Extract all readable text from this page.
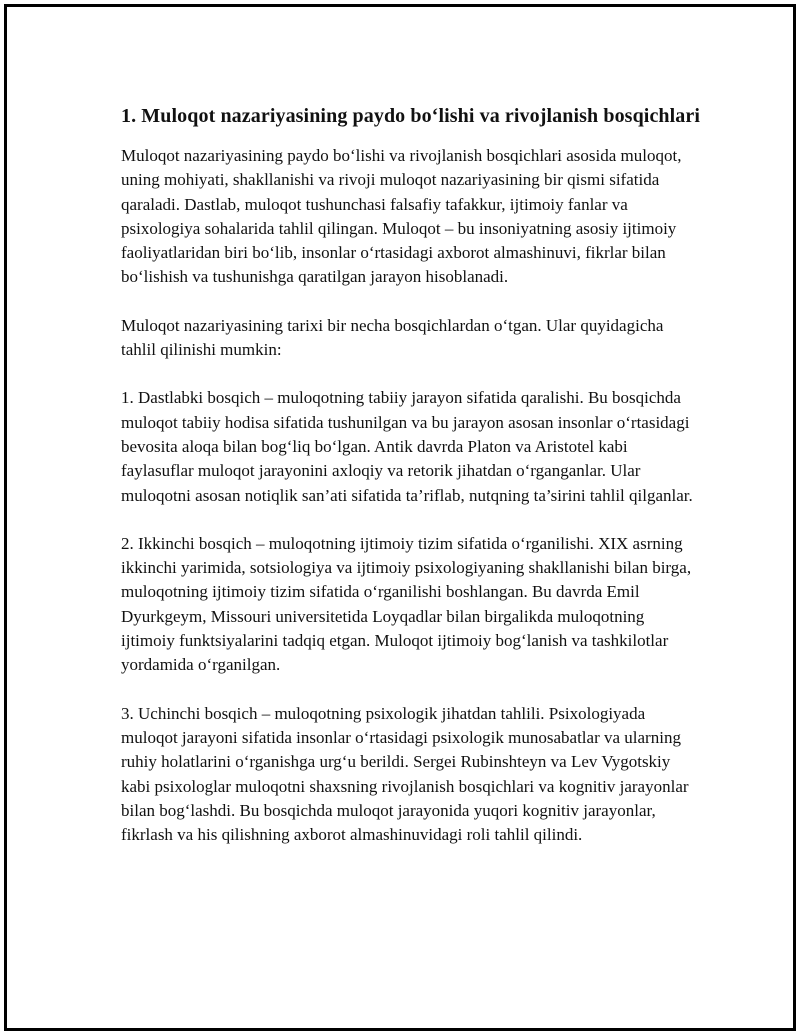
1. Muloqot nazariyasining paydo bo‘lishi va rivojlanish bosqichlari

Muloqot nazariyasining paydo bo‘lishi va rivojlanish bosqichlari asosida muloqot, uning mohiyati, shakllanishi va rivoji muloqot nazariyasining bir qismi sifatida qaraladi. Dastlab, muloqot tushunchasi falsafiy tafakkur, ijtimoiy fanlar va psixologiya sohalarida tahlil qilingan. Muloqot – bu insoniyatning asosiy ijtimoiy faoliyatlaridan biri bo‘lib, insonlar o‘rtasidagi axborot almashinuvi, fikrlar bilan bo‘lishish va tushunishga qaratilgan jarayon hisoblanadi.

Muloqot nazariyasining tarixi bir necha bosqichlardan o‘tgan. Ular quyidagicha tahlil qilinishi mumkin:

1. Dastlabki bosqich – muloqotning tabiiy jarayon sifatida qaralishi. Bu bosqichda muloqot tabiiy hodisa sifatida tushunilgan va bu jarayon asosan insonlar o‘rtasidagi bevosita aloqa bilan bog‘liq bo‘lgan. Antik davrda Platon va Aristotel kabi faylasuflar muloqot jarayonini axloqiy va retorik jihatdan o‘rganganlar. Ular muloqotni asosan notiqlik san’ati sifatida ta’riflab, nutqning ta’sirini tahlil qilganlar.

2. Ikkinchi bosqich – muloqotning ijtimoiy tizim sifatida o‘rganilishi. XIX asrning ikkinchi yarimida, sotsiologiya va ijtimoiy psixologiyaning shakllanishi bilan birga, muloqotning ijtimoiy tizim sifatida o‘rganilishi boshlangan. Bu davrda Emil Dyurkgeym, Missouri universitetida Loyqadlar bilan birgalikda muloqotning ijtimoiy funktsiyalarini tadqiq etgan. Muloqot ijtimoiy bog‘lanish va tashkilotlar yordamida o‘rganilgan.

3. Uchinchi bosqich – muloqotning psixologik jihatdan tahlili. Psixologiyada muloqot jarayoni sifatida insonlar o‘rtasidagi psixologik munosabatlar va ularning ruhiy holatlarini o‘rganishga urg‘u berildi. Sergei Rubinshteyn va Lev Vygotskiy kabi psixologlar muloqotni shaxsning rivojlanish bosqichlari va kognitiv jarayonlar bilan bog‘lashdi. Bu bosqichda muloqot jarayonida yuqori kognitiv jarayonlar, fikrlash va his qilishning axborot almashinuvidagi roli tahlil qilindi.
